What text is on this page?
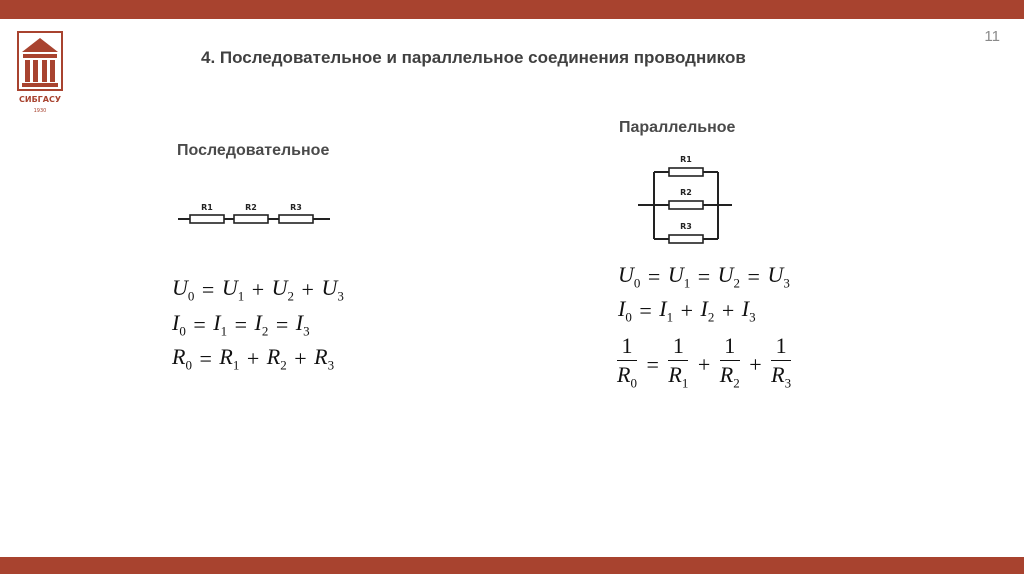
11
СИБГАСУ
1930
4. Последовательное и параллельное соединения проводников
Последовательное
R1	R2	R3
$U_0 = U_1 + U_2 + U_3$
$I_0 = I_1 = I_2 = I_3$
$R_0 = R_1 + R_2 + R_3$
Параллельное
R1
R2
R3
$U_0 = U_1 = U_2 = U_3$
$I_0 = I_1 + I_2 + I_3$
$\frac{1}{R_0} = \frac{1}{R_1} + \frac{1}{R_2} + \frac{1}{R_3}$
